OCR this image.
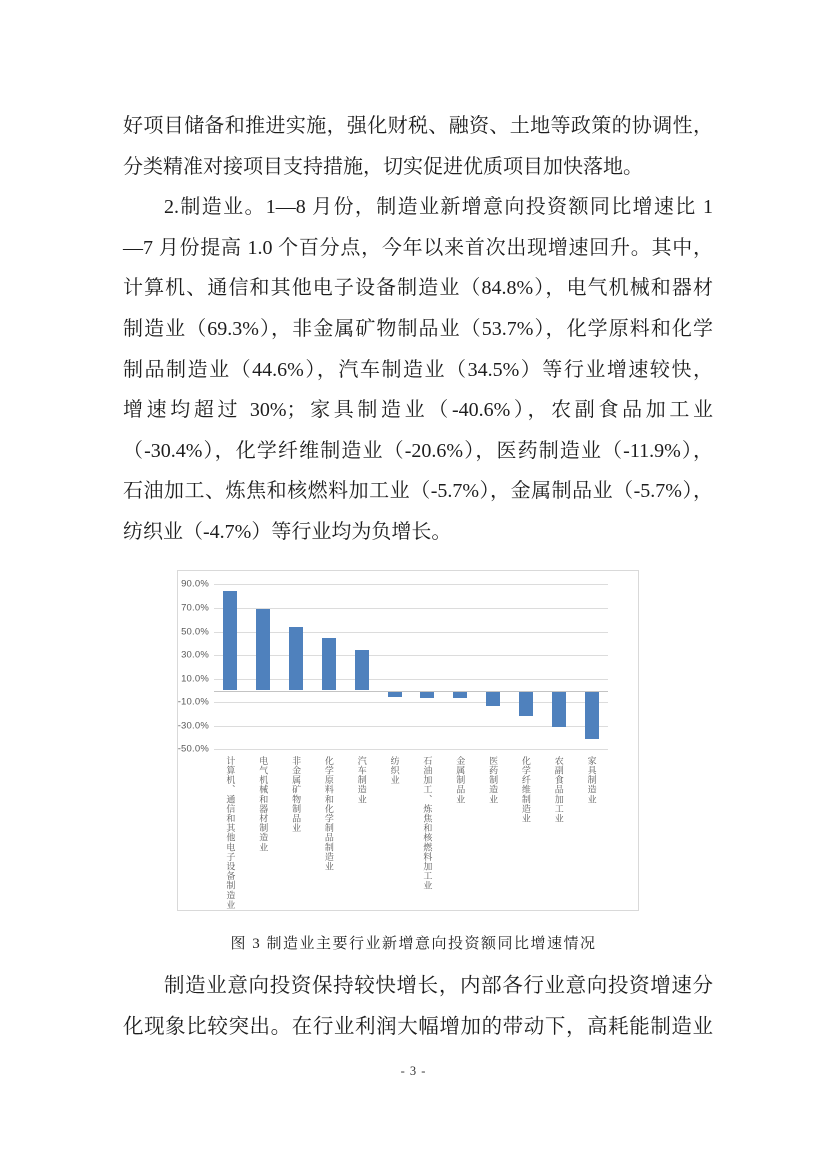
好项目储备和推进实施，强化财税、融资、土地等政策的协调性，
分类精准对接项目支持措施，切实促进优质项目加快落地。
2.制造业。1—8 月份，制造业新增意向投资额同比增速比 1
—7 月份提高 1.0 个百分点，今年以来首次出现增速回升。其中，
计算机、通信和其他电子设备制造业（84.8%），电气机械和器材
制造业（69.3%），非金属矿物制品业（53.7%），化学原料和化学
制品制造业（44.6%），汽车制造业（34.5%）等行业增速较快，
增速均超过 30%；家具制造业（-40.6%），农副食品加工业
（-30.4%），化学纤维制造业（-20.6%），医药制造业（-11.9%），
石油加工、炼焦和核燃料加工业（-5.7%），金属制品业（-5.7%），
纺织业（-4.7%）等行业均为负增长。
90.0%
70.0%
50.0%
30.0%
10.0%
-10.0%
-30.0%
-50.0%
计算机、通信和其他电子设备制造业	电气机械和器材制造业	非金属矿物制品业	化学原料和化学制品制造业	汽车制造业	纺织业	石油加工、炼焦和核燃料加工业	金属制品业	医药制造业	化学纤维制造业	农副食品加工业	家具制造业
图 3 制造业主要行业新增意向投资额同比增速情况
制造业意向投资保持较快增长，内部各行业意向投资增速分
化现象比较突出。在行业利润大幅增加的带动下，高耗能制造业
- 3 -
